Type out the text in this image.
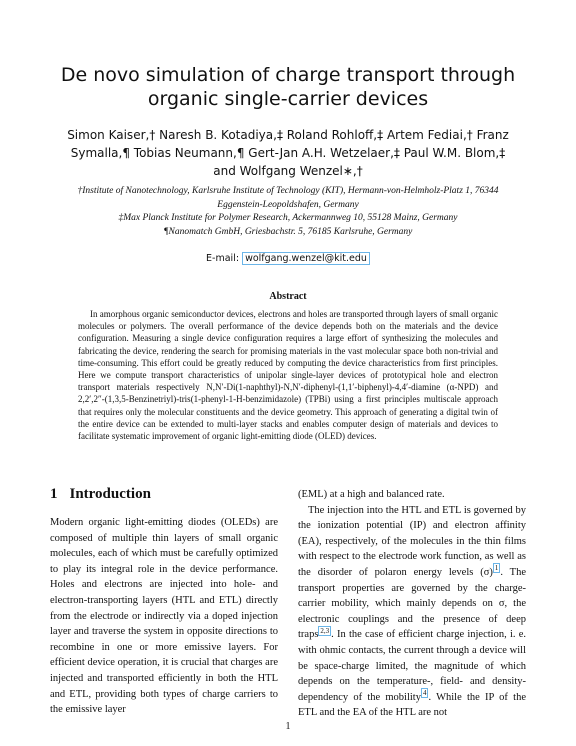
De novo simulation of charge transport through organic single-carrier devices
Simon Kaiser,† Naresh B. Kotadiya,‡ Roland Rohloff,‡ Artem Fediai,† Franz Symalla,¶ Tobias Neumann,¶ Gert-Jan A.H. Wetzelaer,‡ Paul W.M. Blom,‡ and Wolfgang Wenzel∗,†
†Institute of Nanotechnology, Karlsruhe Institute of Technology (KIT), Hermann-von-Helmholz-Platz 1, 76344 Eggenstein-Leopoldshafen, Germany
‡Max Planck Institute for Polymer Research, Ackermannweg 10, 55128 Mainz, Germany
¶Nanomatch GmbH, Griesbachstr. 5, 76185 Karlsruhe, Germany
E-mail: wolfgang.wenzel@kit.edu
Abstract
In amorphous organic semiconductor devices, electrons and holes are transported through layers of small organic molecules or polymers. The overall performance of the device depends both on the materials and the device configuration. Measuring a single device configuration requires a large effort of synthesizing the molecules and fabricating the device, rendering the search for promising materials in the vast molecular space both non-trivial and time-consuming. This effort could be greatly reduced by computing the device characteristics from first principles. Here we compute transport characteristics of unipolar single-layer devices of prototypical hole and electron transport materials respectively N,N′-Di(1-naphthyl)-N,N′-diphenyl-(1,1′-biphenyl)-4,4′-diamine (α-NPD) and 2,2′,2″-(1,3,5-Benzinetriyl)-tris(1-phenyl-1-H-benzimidazole) (TPBi) using a first principles multiscale approach that requires only the molecular constituents and the device geometry. This approach of generating a digital twin of the entire device can be extended to multi-layer stacks and enables computer design of materials and devices to facilitate systematic improvement of organic light-emitting diode (OLED) devices.
1 Introduction

Modern organic light-emitting diodes (OLEDs) are composed of multiple thin layers of small organic molecules, each of which must be carefully optimized to play its integral role in the device performance. Holes and electrons are injected into hole- and electron-transporting layers (HTL and ETL) directly from the electrode or indirectly via a doped injection layer and traverse the system in opposite directions to recombine in one or more emissive layers. For efficient device operation, it is crucial that charges are injected and transported efficiently in both the HTL and ETL, providing both types of charge carriers to the emissive layer

(EML) at a high and balanced rate.

The injection into the HTL and ETL is governed by the ionization potential (IP) and electron affinity (EA), respectively, of the molecules in the thin films with respect to the electrode work function, as well as the disorder of polaron energy levels (σ) $^1$ . The transport properties are governed by the charge-carrier mobility, which mainly depends on σ, the electronic couplings and the presence of deep traps $^{2,3}$ . In the case of efficient charge injection, i. e. with ohmic contacts, the current through a device will be space-charge limited, the magnitude of which depends on the temperature-, field- and density-dependency of the mobility $^4$ . While the IP of the ETL and the EA of the HTL are not

1
